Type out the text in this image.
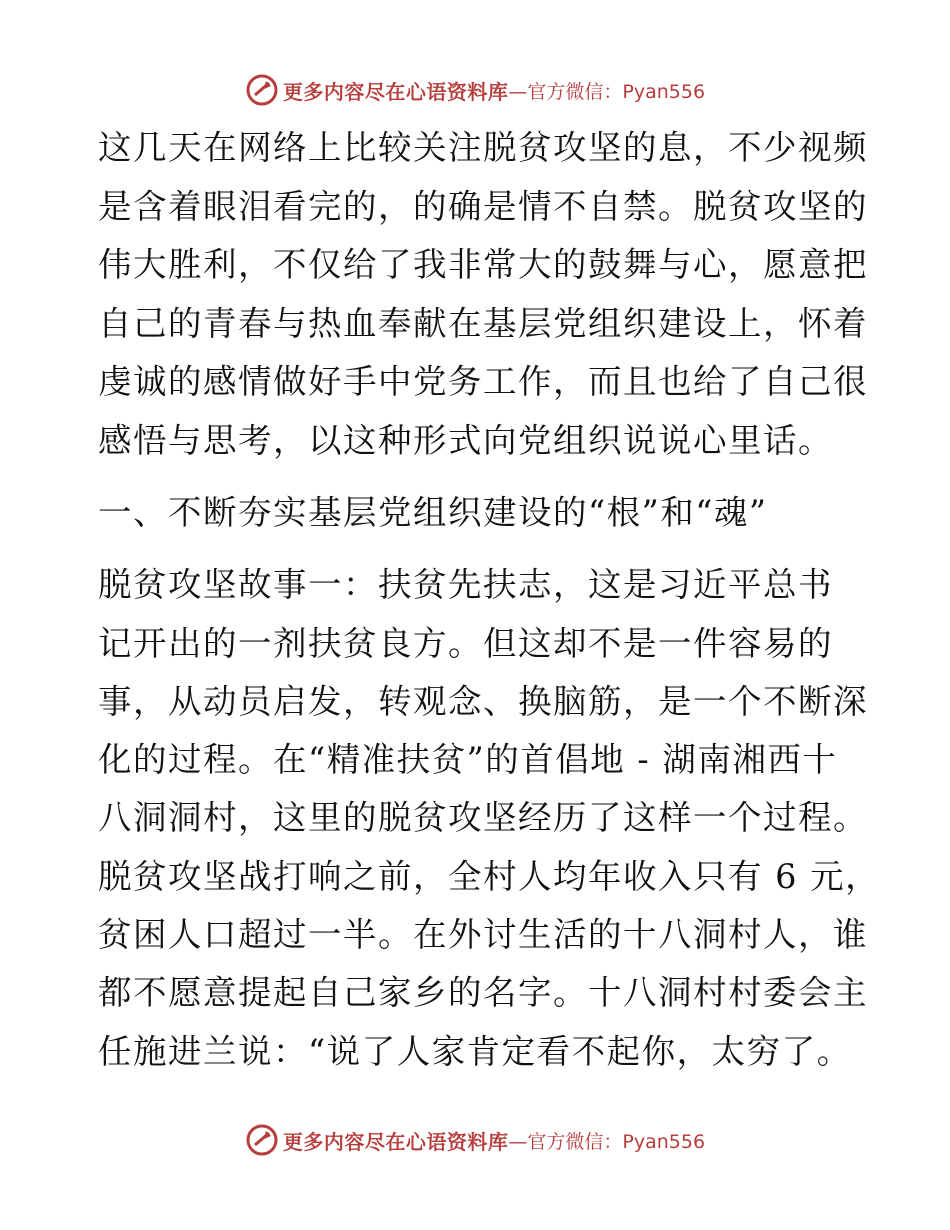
更多内容尽在心语资料库 —官方微信：Pyan556
这几天在网络上比较关注脱贫攻坚的息，不少视频
是含着眼泪看完的，的确是情不自禁。脱贫攻坚的
伟大胜利，不仅给了我非常大的鼓舞与心，愿意把
自己的青春与热血奉献在基层党组织建设上，怀着
虔诚的感情做好手中党务工作，而且也给了自己很
感悟与思考，以这种形式向党组织说说心里话。
一、不断夯实基层党组织建设的“根”和“魂”
脱贫攻坚故事一：扶贫先扶志，这是习近平总书
记开出的一剂扶贫良方。但这却不是一件容易的
事，从动员启发，转观念、换脑筋，是一个不断深
化的过程。在“精准扶贫”的首倡地 - 湖南湘西十
八洞洞村，这里的脱贫攻坚经历了这样一个过程。
脱贫攻坚战打响之前，全村人均年收入只有 6 元，
贫困人口超过一半。在外讨生活的十八洞村人，谁
都不愿意提起自己家乡的名字。十八洞村村委会主
任施进兰说：“说了人家肯定看不起你，太穷了。
更多内容尽在心语资料库 —官方微信：Pyan556
